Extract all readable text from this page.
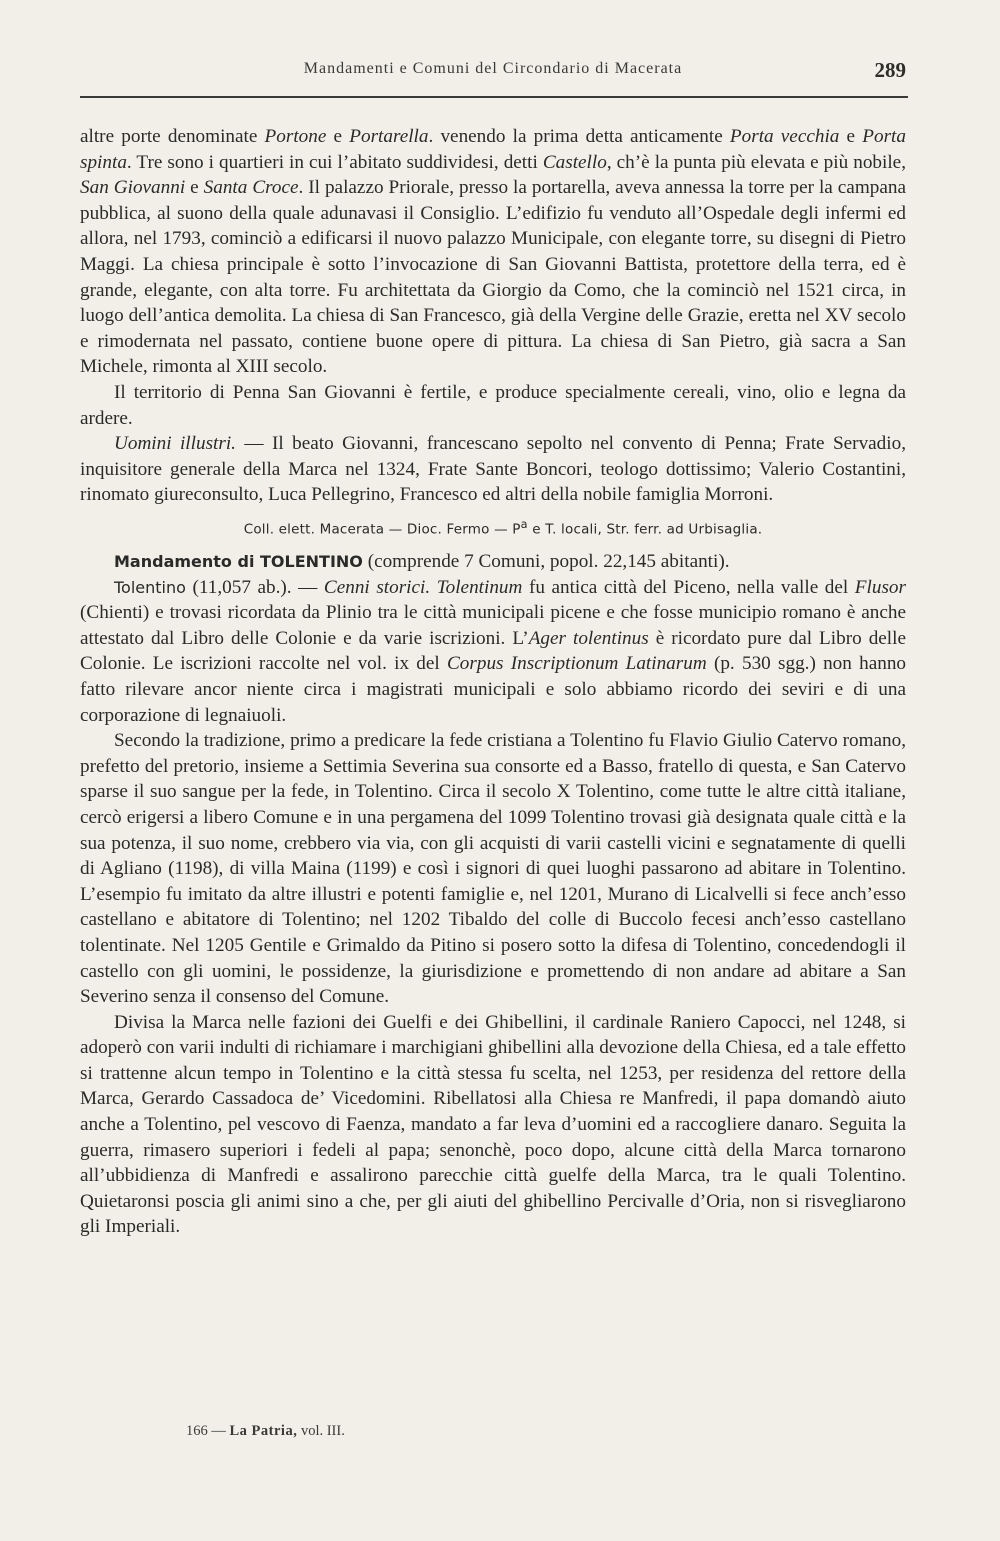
Mandamenti e Comuni del Circondario di Macerata	289

altre porte denominate Portone e Portarella. venendo la prima detta anticamente Porta vecchia e Porta spinta. Tre sono i quartieri in cui l’abitato suddividesi, detti Castello, ch’è la punta più elevata e più nobile, San Giovanni e Santa Croce. Il palazzo Priorale, presso la portarella, aveva annessa la torre per la campana pubblica, al suono della quale adunavasi il Consiglio. L’edifizio fu venduto all’Ospedale degli infermi ed allora, nel 1793, cominciò a edificarsi il nuovo palazzo Municipale, con elegante torre, su disegni di Pietro Maggi. La chiesa principale è sotto l’invocazione di San Giovanni Battista, protettore della terra, ed è grande, elegante, con alta torre. Fu architettata da Giorgio da Como, che la cominciò nel 1521 circa, in luogo dell’antica demolita. La chiesa di San Francesco, già della Vergine delle Grazie, eretta nel XV secolo e rimodernata nel passato, contiene buone opere di pittura. La chiesa di San Pietro, già sacra a San Michele, rimonta al XIII secolo.

Il territorio di Penna San Giovanni è fertile, e produce specialmente cereali, vino, olio e legna da ardere.

Uomini illustri. — Il beato Giovanni, francescano sepolto nel convento di Penna; Frate Servadio, inquisitore generale della Marca nel 1324, Frate Sante Boncori, teologo dottissimo; Valerio Costantini, rinomato giureconsulto, Luca Pellegrino, Francesco ed altri della nobile famiglia Morroni.

Coll. elett. Macerata — Dioc. Fermo — $P^a$ e T. locali, Str. ferr. ad Urbisaglia.

Mandamento di TOLENTINO (comprende 7 Comuni, popol. 22,145 abitanti).

Tolentino (11,057 ab.). — Cenni storici. Tolentinum fu antica città del Piceno, nella valle del Flusor (Chienti) e trovasi ricordata da Plinio tra le città municipali picene e che fosse municipio romano è anche attestato dal Libro delle Colonie e da varie iscrizioni. L’Ager tolentinus è ricordato pure dal Libro delle Colonie. Le iscrizioni raccolte nel vol. ix del Corpus Inscriptionum Latinarum (p. 530 sgg.) non hanno fatto rilevare ancor niente circa i magistrati municipali e solo abbiamo ricordo dei seviri e di una corporazione di legnaiuoli.

Secondo la tradizione, primo a predicare la fede cristiana a Tolentino fu Flavio Giulio Catervo romano, prefetto del pretorio, insieme a Settimia Severina sua consorte ed a Basso, fratello di questa, e San Catervo sparse il suo sangue per la fede, in Tolentino. Circa il secolo X Tolentino, come tutte le altre città italiane, cercò erigersi a libero Comune e in una pergamena del 1099 Tolentino trovasi già designata quale città e la sua potenza, il suo nome, crebbero via via, con gli acquisti di varii castelli vicini e segnatamente di quelli di Agliano (1198), di villa Maina (1199) e così i signori di quei luoghi passarono ad abitare in Tolentino. L’esempio fu imitato da altre illustri e potenti famiglie e, nel 1201, Murano di Licalvelli si fece anch’esso castellano e abitatore di Tolentino; nel 1202 Tibaldo del colle di Buccolo fecesi anch’esso castellano tolentinate. Nel 1205 Gentile e Grimaldo da Pitino si posero sotto la difesa di Tolentino, concedendogli il castello con gli uomini, le possidenze, la giurisdizione e promettendo di non andare ad abitare a San Severino senza il consenso del Comune.

Divisa la Marca nelle fazioni dei Guelfi e dei Ghibellini, il cardinale Raniero Capocci, nel 1248, si adoperò con varii indulti di richiamare i marchigiani ghibellini alla devozione della Chiesa, ed a tale effetto si trattenne alcun tempo in Tolentino e la città stessa fu scelta, nel 1253, per residenza del rettore della Marca, Gerardo Cassadoca de’ Vicedomini. Ribellatosi alla Chiesa re Manfredi, il papa domandò aiuto anche a Tolentino, pel vescovo di Faenza, mandato a far leva d’uomini ed a raccogliere danaro. Seguita la guerra, rimasero superiori i fedeli al papa; senonchè, poco dopo, alcune città della Marca tornarono all’ubbidienza di Manfredi e assalirono parecchie città guelfe della Marca, tra le quali Tolentino. Quietaronsi poscia gli animi sino a che, per gli aiuti del ghibellino Percivalle d’Oria, non si risvegliarono gli Imperiali.

166 — La Patria, vol. III.
